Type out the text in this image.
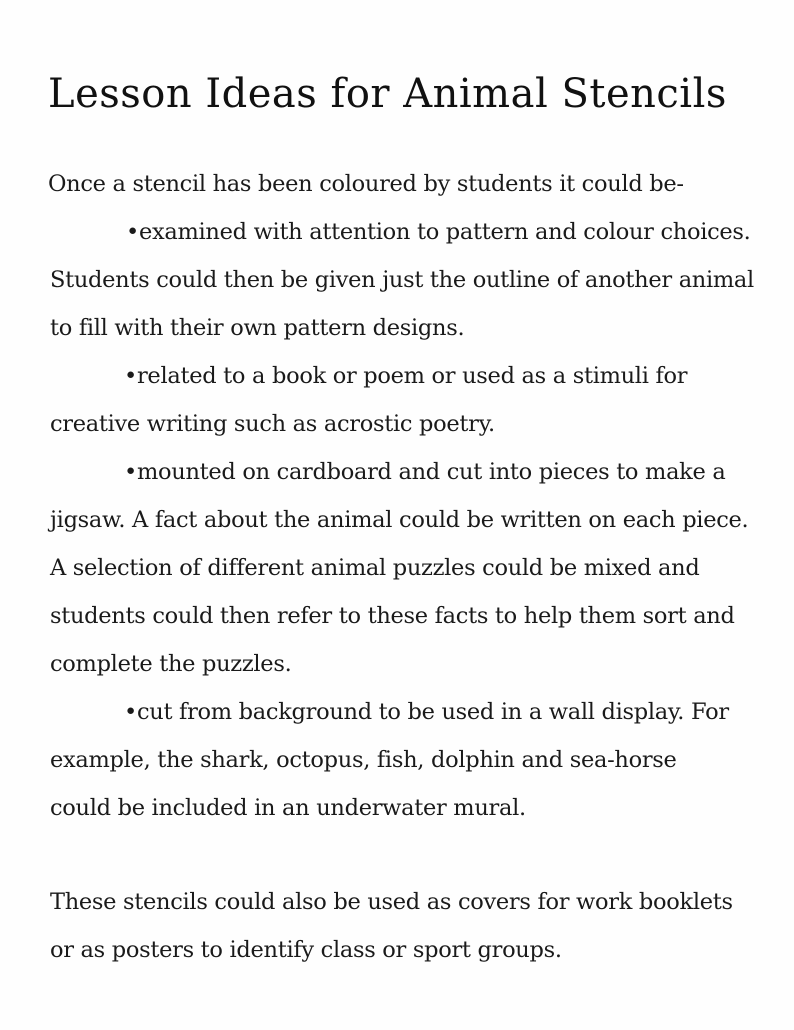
Lesson Ideas for Animal Stencils

Once a stencil has been coloured by students it could be-

•examined with attention to pattern and colour choices.

Students could then be given just the outline of another animal

to fill with their own pattern designs.

•related to a book or poem or used as a stimuli for

creative writing such as acrostic poetry.

•mounted on cardboard and cut into pieces to make a

jigsaw. A fact about the animal could be written on each piece.

A selection of different animal puzzles could be mixed and

students could then refer to these facts to help them sort and

complete the puzzles.

•cut from background to be used in a wall display. For

example, the shark, octopus, fish, dolphin and sea-horse

could be included in an underwater mural.

These stencils could also be used as covers for work booklets

or as posters to identify class or sport groups.
